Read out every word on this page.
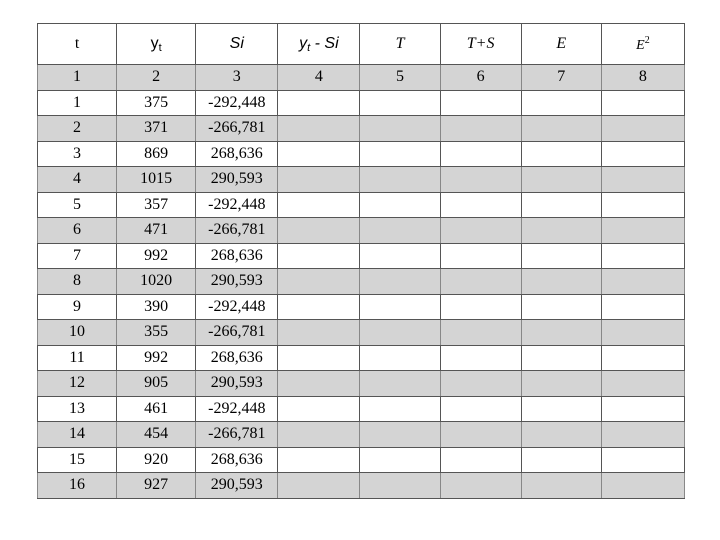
t	$y_t$	Si	$y_t$ - Si	T	T+S	E	$E^2$
1	2	3	4	5	6	7	8
1	375	-292,448					
2	371	-266,781					
3	869	268,636					
4	1015	290,593					
5	357	-292,448					
6	471	-266,781					
7	992	268,636					
8	1020	290,593					
9	390	-292,448					
10	355	-266,781					
11	992	268,636					
12	905	290,593					
13	461	-292,448					
14	454	-266,781					
15	920	268,636					
16	927	290,593					
